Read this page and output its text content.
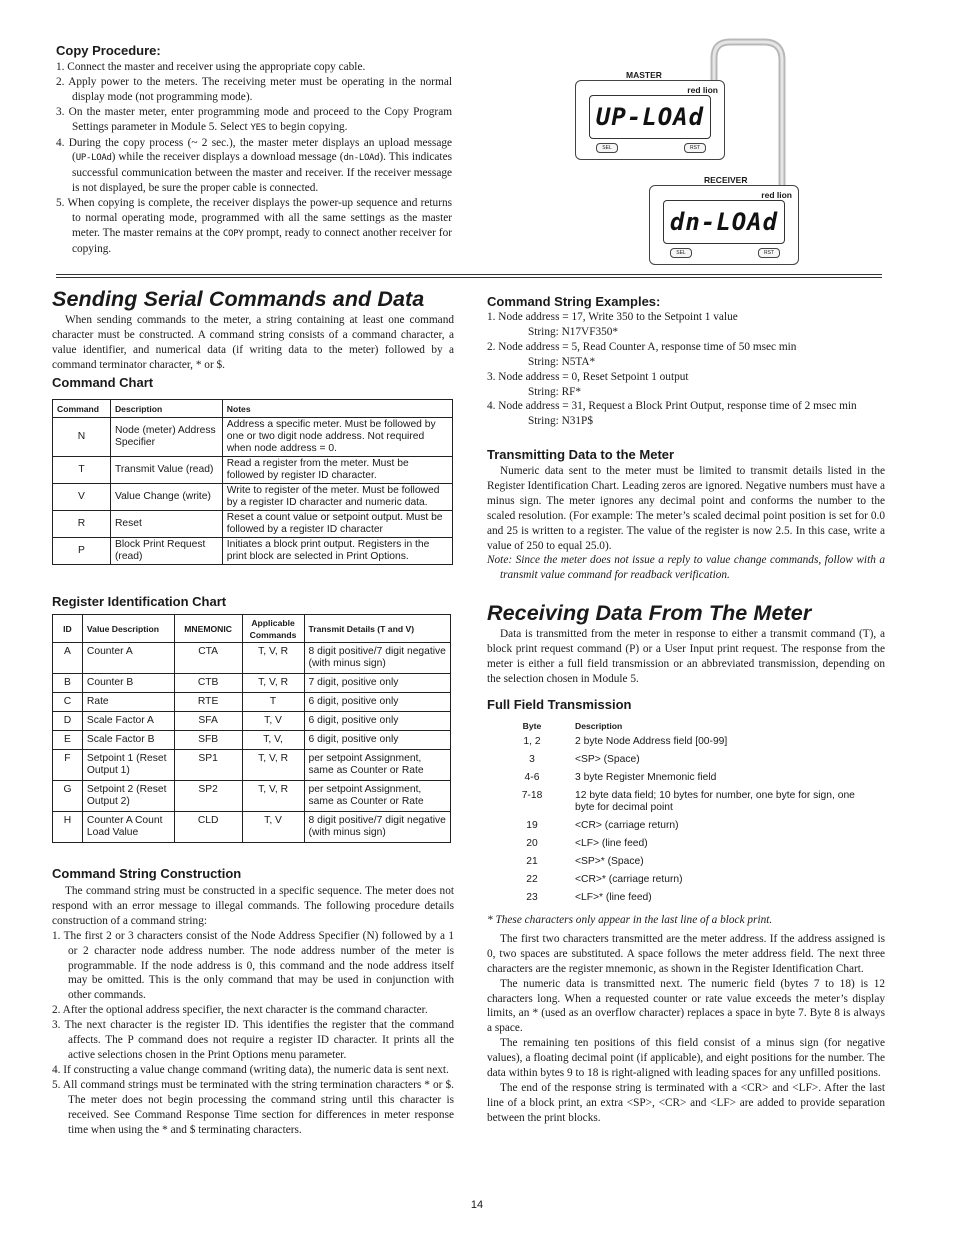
Copy Procedure:
1. Connect the master and receiver using the appropriate copy cable.
2. Apply power to the meters. The receiving meter must be operating in the normal display mode (not programming mode).
3. On the master meter, enter programming mode and proceed to the Copy Program Settings parameter in Module 5. Select YES to begin copying.
4. During the copy process (~ 2 sec.), the master meter displays an upload message (UP-LOAd) while the receiver displays a download message (dn-LOAd). This indicates successful communication between the master and receiver. If the receiver message is not displayed, be sure the proper cable is connected.
5. When copying is complete, the receiver displays the power-up sequence and returns to normal operating mode, programmed with all the same settings as the master meter. The master remains at the COPY prompt, ready to connect another receiver for copying.
MASTER
red lion
UP-LOAd
SEL	RST
RECEIVER
red lion
dn-LOAd
SEL	RST
Sending Serial Commands and Data

When sending commands to the meter, a string containing at least one command character must be constructed. A command string consists of a command character, a value identifier, and numerical data (if writing data to the meter) followed by a command terminator character, * or $.

Command Chart
Command	Description	Notes
N	Node (meter) Address Specifier	Address a specific meter. Must be followed by one or two digit node address. Not required when node address = 0.
T	Transmit Value (read)	Read a register from the meter. Must be followed by register ID character.
V	Value Change (write)	Write to register of the meter. Must be followed by a register ID character and numeric data.
R	Reset	Reset a count value or setpoint output. Must be followed by a register ID character
P	Block Print Request (read)	Initiates a block print output. Registers in the print block are selected in Print Options.
Register Identification Chart
ID	Value Description	MNEMONIC	Applicable Commands	Transmit Details (T and V)
A	Counter A	CTA	T, V, R	8 digit positive/7 digit negative (with minus sign)
B	Counter B	CTB	T, V, R	7 digit, positive only
C	Rate	RTE	T	6 digit, positive only
D	Scale Factor A	SFA	T, V	6 digit, positive only
E	Scale Factor B	SFB	T, V,	6 digit, positive only
F	Setpoint 1 (Reset Output 1)	SP1	T, V, R	per setpoint Assignment, same as Counter or Rate
G	Setpoint 2 (Reset Output 2)	SP2	T, V, R	per setpoint Assignment, same as Counter or Rate
H	Counter A Count Load Value	CLD	T, V	8 digit positive/7 digit negative (with minus sign)
Command String Construction

The command string must be constructed in a specific sequence. The meter does not respond with an error message to illegal commands. The following procedure details construction of a command string:

1. The first 2 or 3 characters consist of the Node Address Specifier (N) followed by a 1 or 2 character node address number. The node address number of the meter is programmable. If the node address is 0, this command and the node address itself may be omitted. This is the only command that may be used in conjunction with other commands.
2. After the optional address specifier, the next character is the command character.
3. The next character is the register ID. This identifies the register that the command affects. The P command does not require a register ID character. It prints all the active selections chosen in the Print Options menu parameter.
4. If constructing a value change command (writing data), the numeric data is sent next.
5. All command strings must be terminated with the string termination characters * or $. The meter does not begin processing the command string until this character is received. See Command Response Time section for differences in meter response time when using the * and $ terminating characters.
Command String Examples:

1. Node address = 17, Write 350 to the Setpoint 1 value

String: N17VF350*

2. Node address = 5, Read Counter A, response time of 50 msec min

String: N5TA*

3. Node address = 0, Reset Setpoint 1 output

String: RF*

4. Node address = 31, Request a Block Print Output, response time of 2 msec min

String: N31P$

Transmitting Data to the Meter

Numeric data sent to the meter must be limited to transmit details listed in the Register Identification Chart. Leading zeros are ignored. Negative numbers must have a minus sign. The meter ignores any decimal point and conforms the number to the scaled resolution. (For example: The meter’s scaled decimal point position is set for 0.0 and 25 is written to a register. The value of the register is now 2.5. In this case, write a value of 250 to equal 25.0).

Note: Since the meter does not issue a reply to value change commands, follow with a transmit value command for readback verification.

Receiving Data From The Meter

Data is transmitted from the meter in response to either a transmit command (T), a block print request command (P) or a User Input print request. The response from the meter is either a full field transmission or an abbreviated transmission, depending on the selection chosen in Module 5.

Full Field Transmission
Byte	Description
1, 2	2 byte Node Address field [00-99]
3	<SP> (Space)
4-6	3 byte Register Mnemonic field
7-18	12 byte data field; 10 bytes for number, one byte for sign, one byte for decimal point
19	<CR> (carriage return)
20	<LF> (line feed)
21	<SP>* (Space)
22	<CR>* (carriage return)
23	<LF>* (line feed)

* These characters only appear in the last line of a block print.

The first two characters transmitted are the meter address. If the address assigned is 0, two spaces are substituted. A space follows the meter address field. The next three characters are the register mnemonic, as shown in the Register Identification Chart.

The numeric data is transmitted next. The numeric field (bytes 7 to 18) is 12 characters long. When a requested counter or rate value exceeds the meter’s display limits, an * (used as an overflow character) replaces a space in byte 7. Byte 8 is always a space.

The remaining ten positions of this field consist of a minus sign (for negative values), a floating decimal point (if applicable), and eight positions for the number. The data within bytes 9 to 18 is right-aligned with leading spaces for any unfilled positions.

The end of the response string is terminated with a <CR> and <LF>. After the last line of a block print, an extra <SP>, <CR> and <LF> are added to provide separation between the print blocks.

14
